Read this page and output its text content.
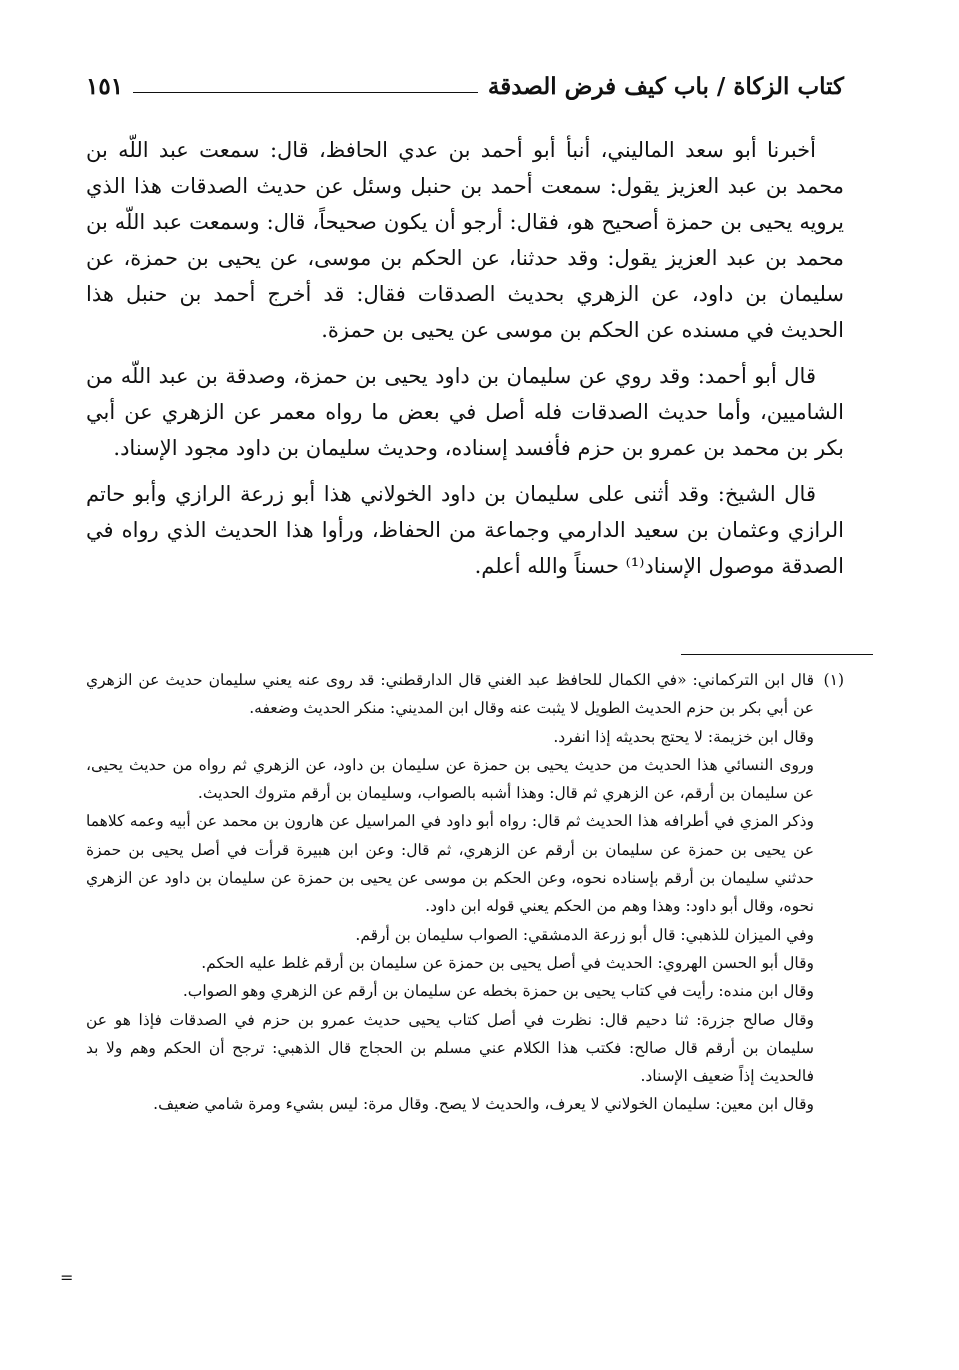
كتاب الزكاة / باب كيف فرض الصدقة
١٥١

أخبرنا أبو سعد الماليني، أنبأ أبو أحمد بن عدي الحافظ، قال: سمعت عبد اللّه بن محمد بن عبد العزيز يقول: سمعت أحمد بن حنبل وسئل عن حديث الصدقات هذا الذي يرويه يحيى بن حمزة أصحيح هو، فقال: أرجو أن يكون صحيحاً، قال: وسمعت عبد اللّه بن محمد بن عبد العزيز يقول: وقد حدثنا، عن الحكم بن موسى، عن يحيى بن حمزة، عن سليمان بن داود، عن الزهري بحديث الصدقات فقال: قد أخرج أحمد بن حنبل هذا الحديث في مسنده عن الحكم بن موسى عن يحيى بن حمزة.

قال أبو أحمد: وقد روي عن سليمان بن داود يحيى بن حمزة، وصدقة بن عبد اللّه من الشاميين، وأما حديث الصدقات فله أصل في بعض ما رواه معمر عن الزهري عن أبي بكر بن محمد بن عمرو بن حزم فأفسد إسناده، وحديث سليمان بن داود مجود الإسناد.

قال الشيخ: وقد أثنى على سليمان بن داود الخولاني هذا أبو زرعة الرازي وأبو حاتم الرازي وعثمان بن سعيد الدارمي وجماعة من الحفاظ، ورأوا هذا الحديث الذي رواه في الصدقة موصول الإسناد⁽¹⁾ حسناً والله أعلم.

(١)

قال ابن التركماني: «في الكمال للحافظ عبد الغني قال الدارقطني: قد روى عنه يعني سليمان حديث عن الزهري عن أبي بكر بن حزم الحديث الطويل لا يثبت عنه وقال ابن المديني: منكر الحديث وضعفه.

وقال ابن خزيمة: لا يحتج بحديثه إذا انفرد.

وروى النسائي هذا الحديث من حديث يحيى بن حمزة عن سليمان بن داود، عن الزهري ثم رواه من حديث يحيى، عن سليمان بن أرقم، عن الزهري ثم قال: وهذا أشبه بالصواب، وسليمان بن أرقم متروك الحديث.

وذكر المزي في أطرافه هذا الحديث ثم قال: رواه أبو داود في المراسيل عن هارون بن محمد عن أبيه وعمه كلاهما عن يحيى بن حمزة عن سليمان بن أرقم عن الزهري، ثم قال: وعن ابن هبيرة قرأت في أصل يحيى بن حمزة حدثني سليمان بن أرقم بإسناده نحوه، وعن الحكم بن موسى عن يحيى بن حمزة عن سليمان بن داود عن الزهري نحوه، وقال أبو داود: وهذا وهم من الحكم يعني قوله ابن داود.

وفي الميزان للذهبي: قال أبو زرعة الدمشقي: الصواب سليمان بن أرقم.

وقال أبو الحسن الهروي: الحديث في أصل يحيى بن حمزة عن سليمان بن أرقم غلط عليه الحكم.

وقال ابن منده: رأيت في كتاب يحيى بن حمزة بخطه عن سليمان بن أرقم عن الزهري وهو الصواب.

وقال صالح جزرة: ثنا دحيم قال: نظرت في أصل كتاب يحيى حديث عمرو بن حزم في الصدقات فإذا هو عن سليمان بن أرقم قال صالح: فكتب هذا الكلام عني مسلم بن الحجاج قال الذهبي: ترجح أن الحكم وهم ولا بد فالحديث إذاً ضعيف الإسناد.

وقال ابن معين: سليمان الخولاني لا يعرف، والحديث لا يصح. وقال مرة: ليس بشيء ومرة شامي ضعيف.

=
